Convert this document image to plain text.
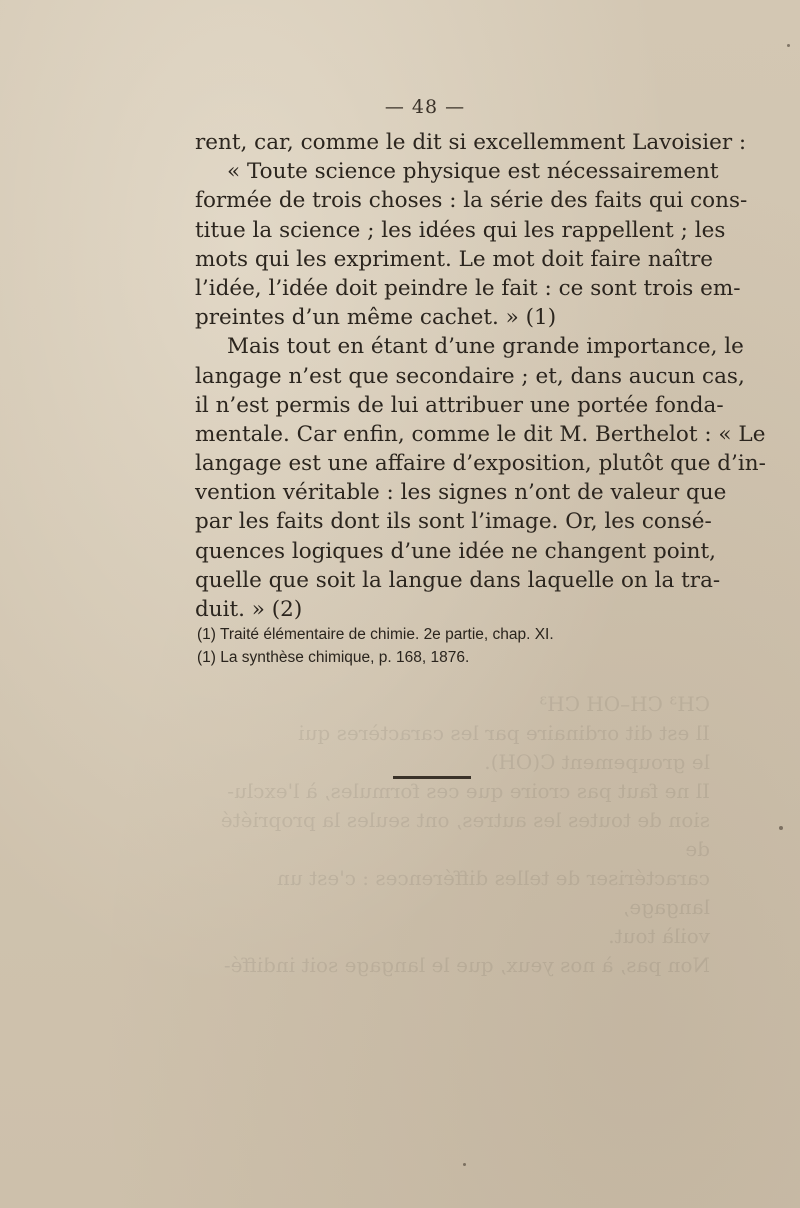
CH³ CH–OH CH³
Il est dit ordinaire par les caractères qui
le groupement C(OH).
Il ne faut pas croire que ces formules, à l'exclu-
sion de toutes les autres, ont seules la propriété de
caractériser de telles différences : c'est un langage,
voilà tout.
Non pas, à nos yeux, que le langage soit indiffé-
— 48 —
rent, car, comme le dit si excellemment Lavoisier :
« Toute science physique est nécessairement
formée de trois choses : la série des faits qui cons-
titue la science ; les idées qui les rappellent ; les
mots qui les expriment. Le mot doit faire naître
l’idée, l’idée doit peindre le fait : ce sont trois em-
preintes d’un même cachet. » (1)
Mais tout en étant d’une grande importance, le
langage n’est que secondaire ; et, dans aucun cas,
il n’est permis de lui attribuer une portée fonda-
mentale. Car enfin, comme le dit M. Berthelot : « Le
langage est une affaire d’exposition, plutôt que d’in-
vention véritable : les signes n’ont de valeur que
par les faits dont ils sont l’image. Or, les consé-
quences logiques d’une idée ne changent point,
quelle que soit la langue dans laquelle on la tra-
duit. » (2)
(1) Traité élémentaire de chimie. 2e partie, chap. XI.
(1) La synthèse chimique, p. 168, 1876.
